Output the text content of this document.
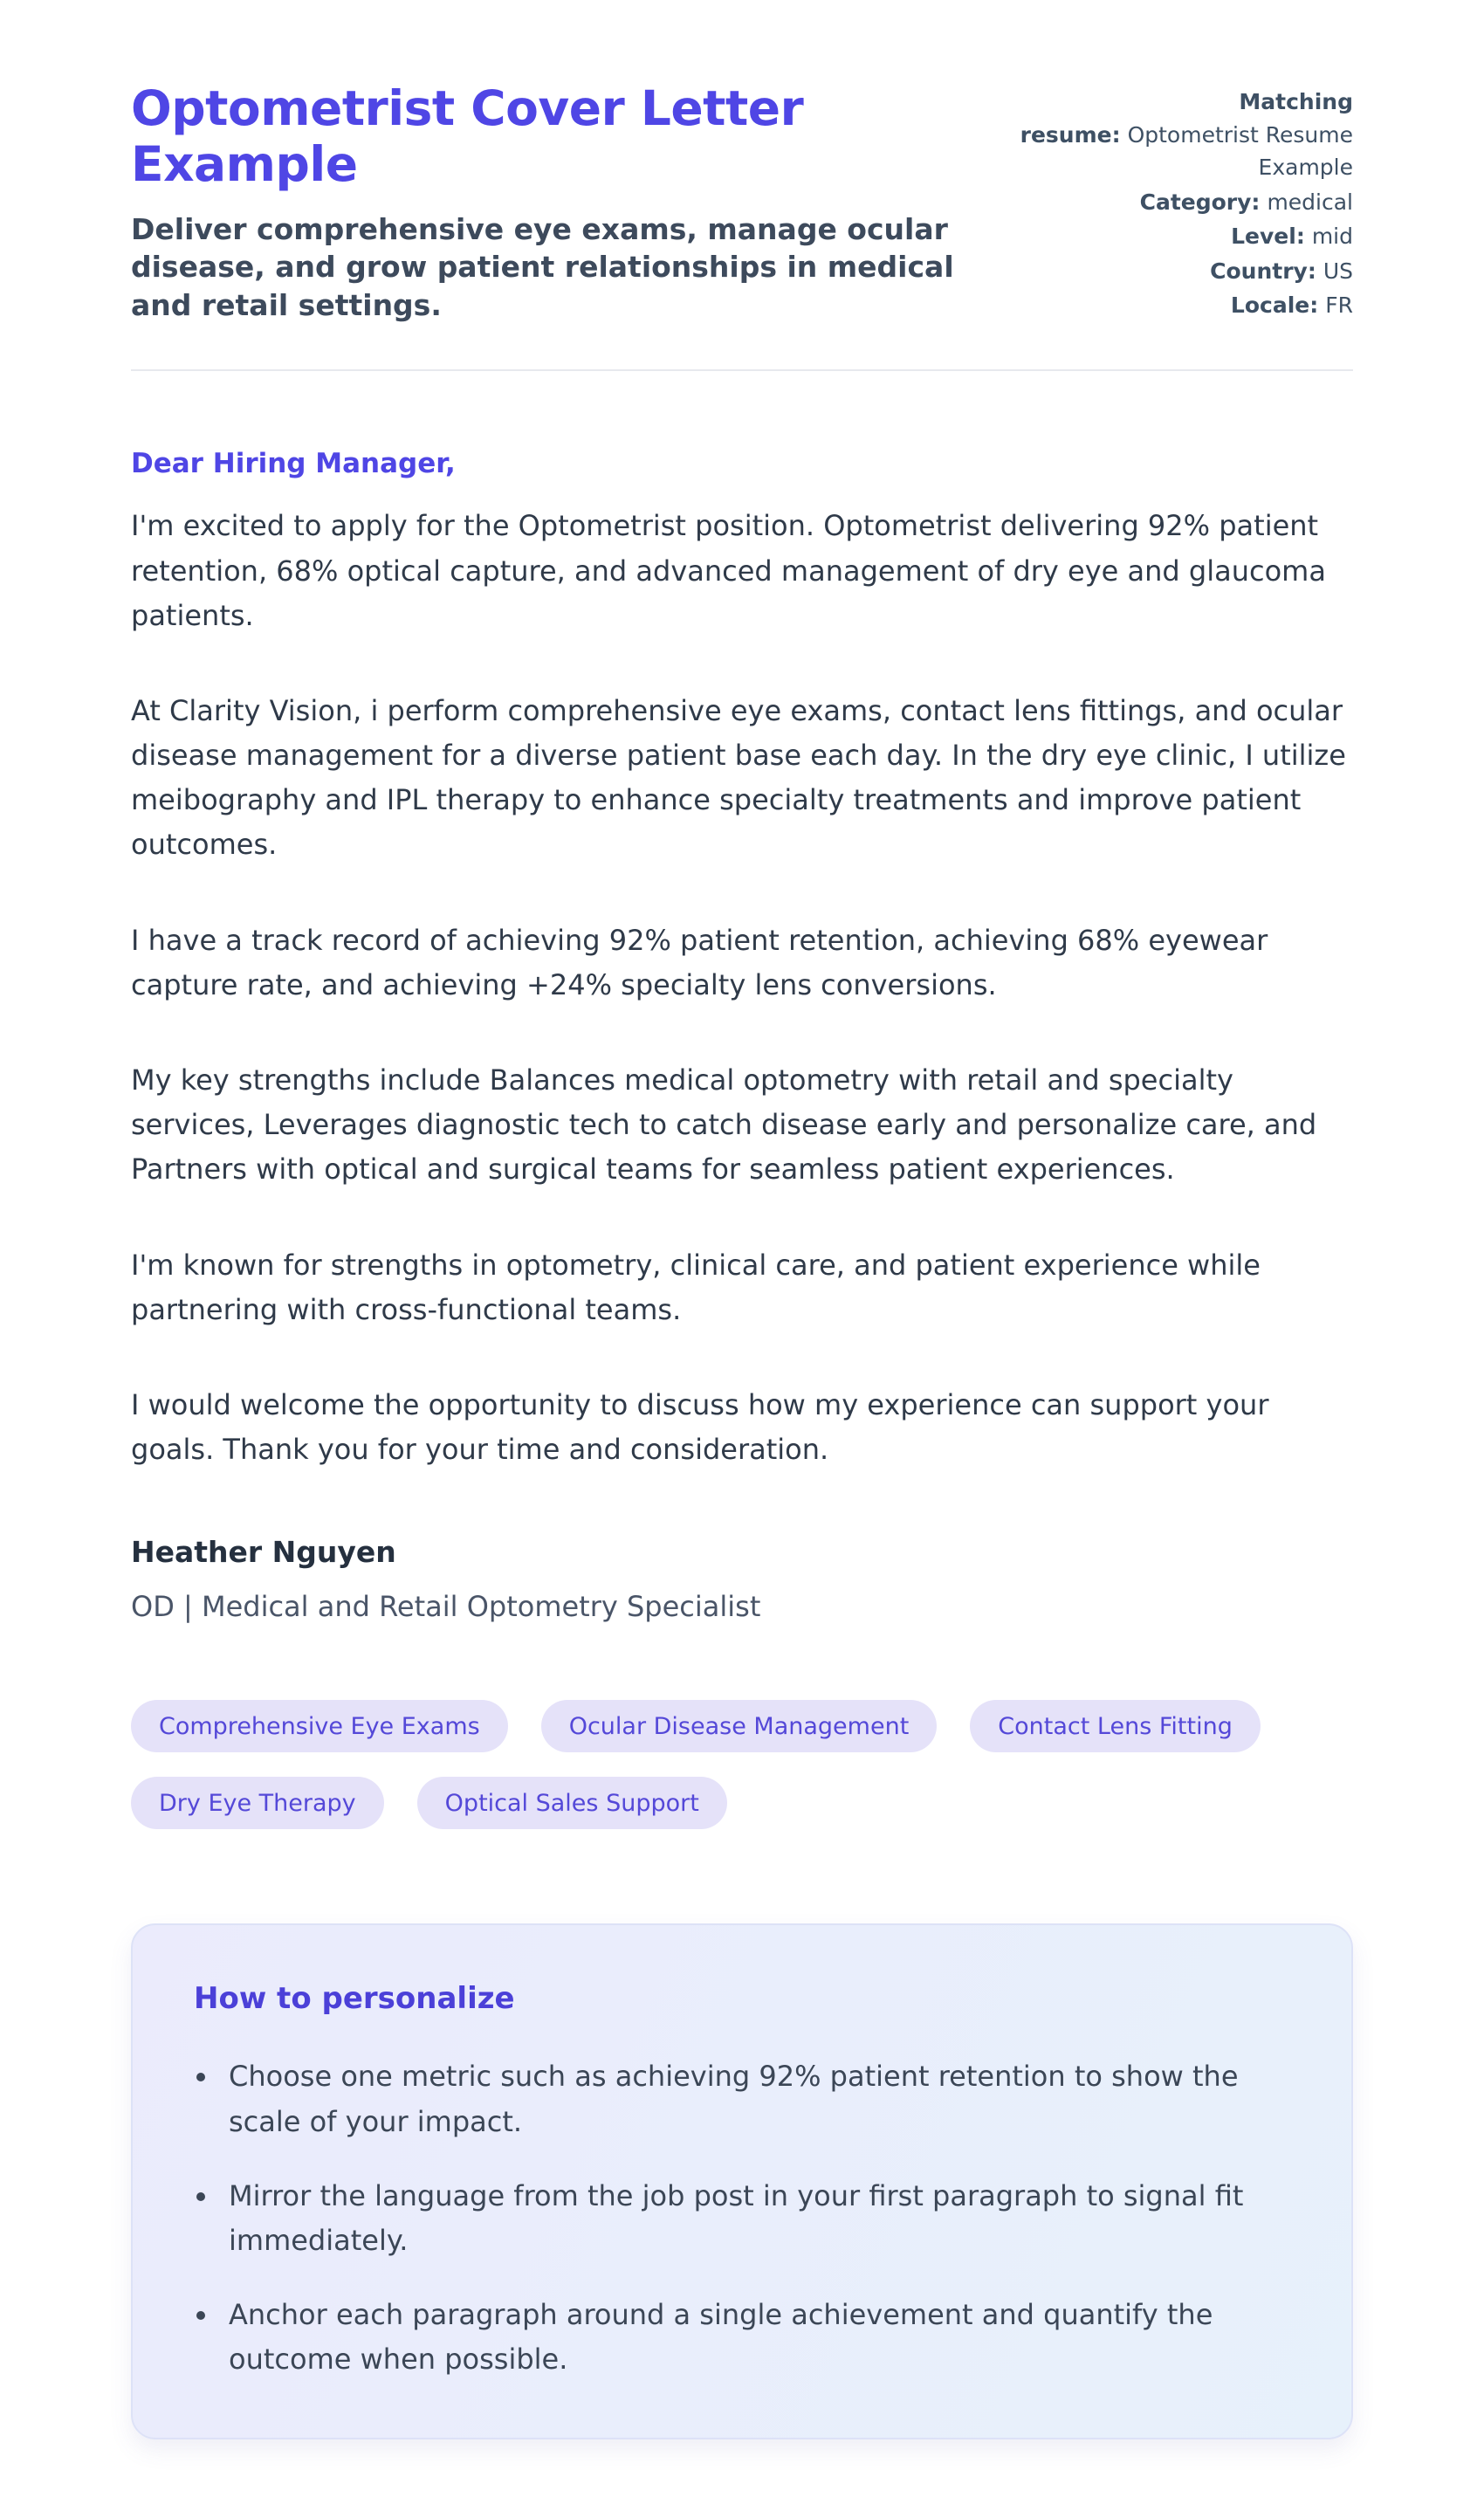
Optometrist Cover Letter Example

Deliver comprehensive eye exams, manage ocular disease, and grow patient relationships in medical and retail settings.

Matching resume: Optometrist Resume Example
Category: medical
Level: mid
Country: US
Locale: FR

Dear Hiring Manager,

I'm excited to apply for the Optometrist position. Optometrist delivering 92% patient retention, 68% optical capture, and advanced management of dry eye and glaucoma patients.

At Clarity Vision, i perform comprehensive eye exams, contact lens fittings, and ocular disease management for a diverse patient base each day. In the dry eye clinic, I utilize meibography and IPL therapy to enhance specialty treatments and improve patient outcomes.

I have a track record of achieving 92% patient retention, achieving 68% eyewear capture rate, and achieving +24% specialty lens conversions.

My key strengths include Balances medical optometry with retail and specialty services, Leverages diagnostic tech to catch disease early and personalize care, and Partners with optical and surgical teams for seamless patient experiences.

I'm known for strengths in optometry, clinical care, and patient experience while partnering with cross-functional teams.

I would welcome the opportunity to discuss how my experience can support your goals. Thank you for your time and consideration.

Heather Nguyen

OD | Medical and Retail Optometry Specialist

Comprehensive Eye Exams	Ocular Disease Management	Contact Lens Fitting
Dry Eye Therapy	Optical Sales Support
How to personalize
• Choose one metric such as achieving 92% patient retention to show the scale of your impact.
• Mirror the language from the job post in your first paragraph to signal fit immediately.
• Anchor each paragraph around a single achievement and quantify the outcome when possible.
